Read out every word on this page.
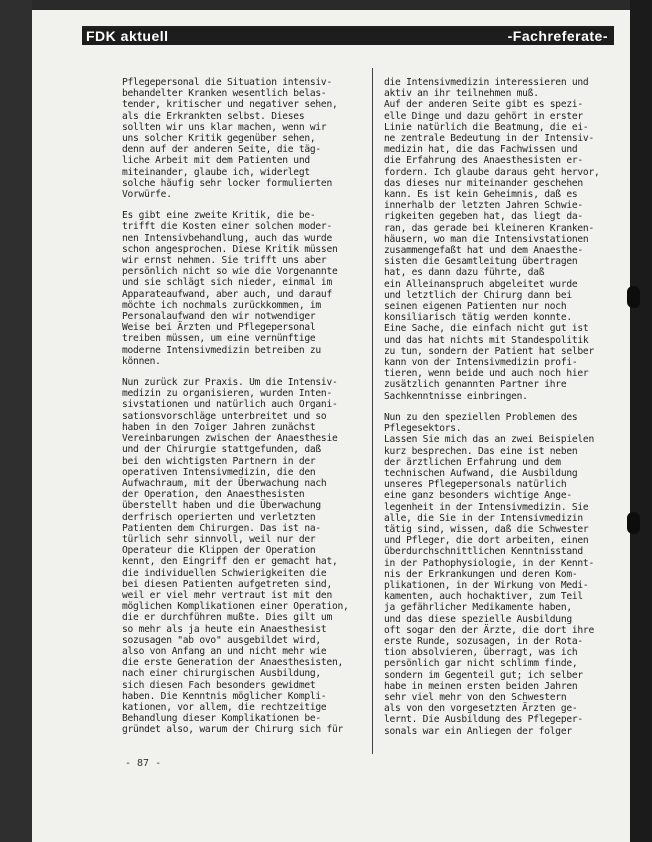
FDK aktuell	-Fachreferate-

Pflegepersonal die Situation intensiv-

behandelter Kranken wesentlich belas-

tender, kritischer und negativer sehen,

als die Erkrankten selbst. Dieses

sollten wir uns klar machen, wenn wir

uns solcher Kritik gegenüber sehen,

denn auf der anderen Seite, die täg-

liche Arbeit mit dem Patienten und

miteinander, glaube ich, widerlegt

solche häufig sehr locker formulierten

Vorwürfe.

Es gibt eine zweite Kritik, die be-

trifft die Kosten einer solchen moder-

nen Intensivbehandlung, auch das wurde

schon angesprochen. Diese Kritik müssen

wir ernst nehmen. Sie trifft uns aber

persönlich nicht so wie die Vorgenannte

und sie schlägt sich nieder, einmal im

Apparateaufwand, aber auch, und darauf

möchte ich nochmals zurückkommen, im

Personalaufwand den wir notwendiger

Weise bei Ärzten und Pflegepersonal

treiben müssen, um eine vernünftige

moderne Intensivmedizin betreiben zu

können.

Nun zurück zur Praxis. Um die Intensiv-

medizin zu organisieren, wurden Inten-

sivstationen und natürlich auch Organi-

sationsvorschläge unterbreitet und so

haben in den 7oiger Jahren zunächst

Vereinbarungen zwischen der Anaesthesie

und der Chirurgie stattgefunden, daß

bei den wichtigsten Partnern in der

operativen Intensivmedizin, die den

Aufwachraum, mit der Überwachung nach

der Operation, den Anaesthesisten

überstellt haben und die Überwachung

derfrisch operierten und verletzten

Patienten dem Chirurgen. Das ist na-

türlich sehr sinnvoll, weil nur der

Operateur die Klippen der Operation

kennt, den Eingriff den er gemacht hat,

die individuellen Schwierigkeiten die

bei diesen Patienten aufgetreten sind,

weil er viel mehr vertraut ist mit den

möglichen Komplikationen einer Operation,

die er durchführen mußte. Dies gilt um

so mehr als ja heute ein Anaesthesist

sozusagen "ab ovo" ausgebildet wird,

also von Anfang an und nicht mehr wie

die erste Generation der Anaesthesisten,

nach einer chirurgischen Ausbildung,

sich diesen Fach besonders gewidmet

haben. Die Kenntnis möglicher Kompli-

kationen, vor allem, die rechtzeitige

Behandlung dieser Komplikationen be-

gründet also, warum der Chirurg sich für

die Intensivmedizin interessieren und

aktiv an ihr teilnehmen muß.

Auf der anderen Seite gibt es spezi-

elle Dinge und dazu gehört in erster

Linie natürlich die Beatmung, die ei-

ne zentrale Bedeutung in der Intensiv-

medizin hat, die das Fachwissen und

die Erfahrung des Anaesthesisten er-

fordern. Ich glaube daraus geht hervor,

das dieses nur miteinander geschehen

kann. Es ist kein Geheimnis, daß es

innerhalb der letzten Jahren Schwie-

rigkeiten gegeben hat, das liegt da-

ran, das gerade bei kleineren Kranken-

häusern, wo man die Intensivstationen

zusammengefaßt hat und dem Anaesthe-

sisten die Gesamtleitung übertragen

hat, es dann dazu führte, daß

ein Alleinanspruch abgeleitet wurde

und letztlich der Chirurg dann bei

seinen eigenen Patienten nur noch

konsiliarisch tätig werden konnte.

Eine Sache, die einfach nicht gut ist

und das hat nichts mit Standespolitik

zu tun, sondern der Patient hat selber

kann von der Intensivmedizin profi-

tieren, wenn beide und auch noch hier

zusätzlich genannten Partner ihre

Sachkenntnisse einbringen.

Nun zu den speziellen Problemen des

Pflegesektors.

Lassen Sie mich das an zwei Beispielen

kurz besprechen. Das eine ist neben

der ärztlichen Erfahrung und dem

technischen Aufwand, die Ausbildung

unseres Pflegepersonals natürlich

eine ganz besonders wichtige Ange-

legenheit in der Intensivmedizin. Sie

alle, die Sie in der Intensivmedizin

tätig sind, wissen, daß die Schwester

und Pfleger, die dort arbeiten, einen

überdurchschnittlichen Kenntnisstand

in der Pathophysiologie, in der Kennt-

nis der Erkrankungen und deren Kom-

plikationen, in der Wirkung von Medi-

kamenten, auch hochaktiver, zum Teil

ja gefährlicher Medikamente haben,

und das diese spezielle Ausbildung

oft sogar den der Ärzte, die dort ihre

erste Runde, sozusagen, in der Rota-

tion absolvieren, überragt, was ich

persönlich gar nicht schlimm finde,

sondern im Gegenteil gut; ich selber

habe in meinen ersten beiden Jahren

sehr viel mehr von den Schwestern

als von den vorgesetzten Ärzten ge-

lernt. Die Ausbildung des Pflegeper-

sonals war ein Anliegen der folger

- 87 -
